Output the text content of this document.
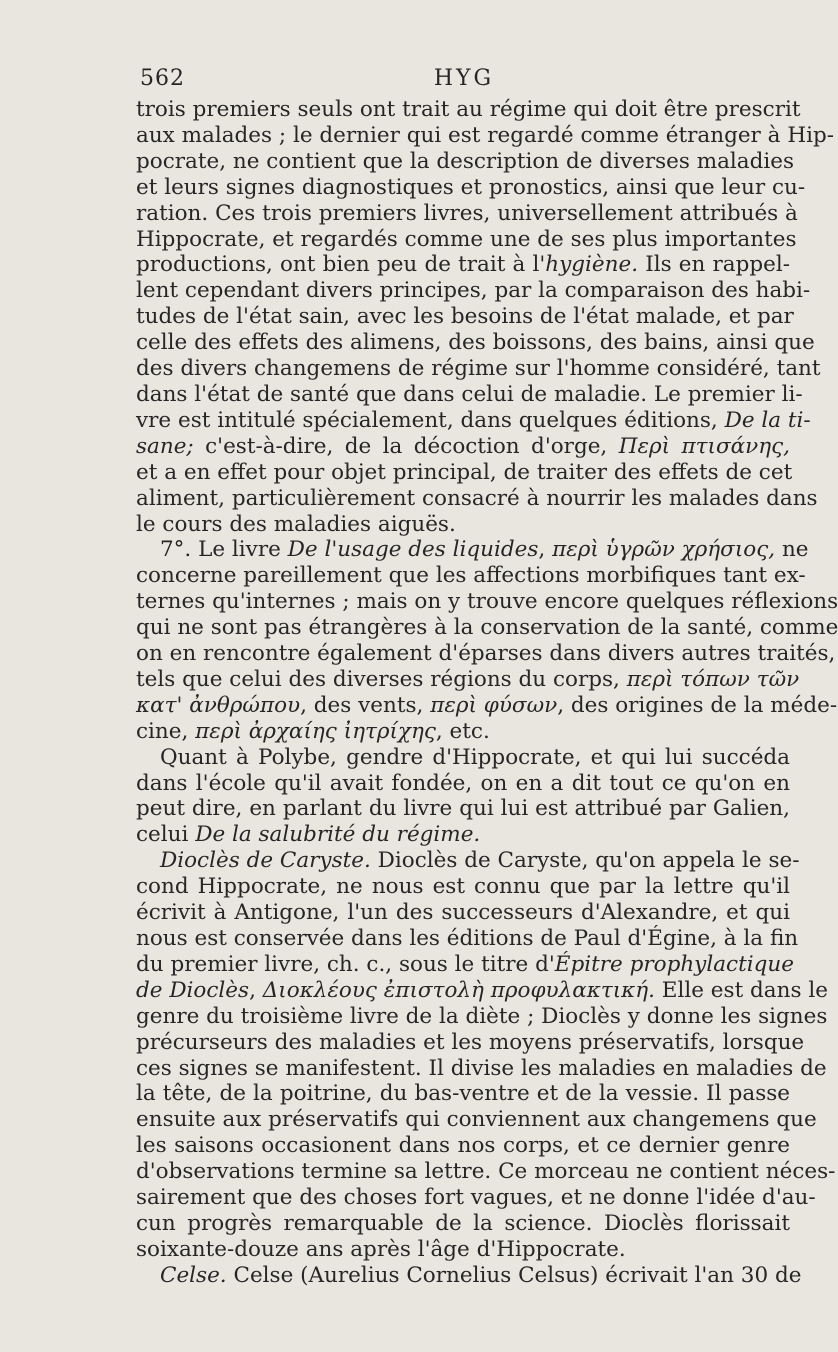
562	HYG
trois premiers seuls ont trait au régime qui doit être prescrit
aux malades ; le dernier qui est regardé comme étranger à Hip-
pocrate, ne contient que la description de diverses maladies
et leurs signes diagnostiques et pronostics, ainsi que leur cu-
ration. Ces trois premiers livres, universellement attribués à
Hippocrate, et regardés comme une de ses plus importantes
productions, ont bien peu de trait à l'hygiène. Ils en rappel-
lent cependant divers principes, par la comparaison des habi-
tudes de l'état sain, avec les besoins de l'état malade, et par
celle des effets des alimens, des boissons, des bains, ainsi que
des divers changemens de régime sur l'homme considéré, tant
dans l'état de santé que dans celui de maladie. Le premier li-
vre est intitulé spécialement, dans quelques éditions, De la ti-
sane; c'est-à-dire, de la décoction d'orge, Περὶ πτισάνης,
et a en effet pour objet principal, de traiter des effets de cet
aliment, particulièrement consacré à nourrir les malades dans
le cours des maladies aiguës.
7°. Le livre De l'usage des liquides, περὶ ὑγρῶν χρήσιος, ne
concerne pareillement que les affections morbifiques tant ex-
ternes qu'internes ; mais on y trouve encore quelques réflexions
qui ne sont pas étrangères à la conservation de la santé, comme
on en rencontre également d'éparses dans divers autres traités,
tels que celui des diverses régions du corps, περὶ τόπων τῶν
κατ' ἀνθρώπου, des vents, περὶ φύσων, des origines de la méde-
cine, περὶ ἀρχαίης ἰητρίχης, etc.
Quant à Polybe, gendre d'Hippocrate, et qui lui succéda
dans l'école qu'il avait fondée, on en a dit tout ce qu'on en
peut dire, en parlant du livre qui lui est attribué par Galien,
celui De la salubrité du régime.
Dioclès de Caryste. Dioclès de Caryste, qu'on appela le se-
cond Hippocrate, ne nous est connu que par la lettre qu'il
écrivit à Antigone, l'un des successeurs d'Alexandre, et qui
nous est conservée dans les éditions de Paul d'Égine, à la fin
du premier livre, ch. c., sous le titre d'Épitre prophylactique
de Dioclès, Διοκλέους ἐπιστολὴ προφυλακτική. Elle est dans le
genre du troisième livre de la diète ; Dioclès y donne les signes
précurseurs des maladies et les moyens préservatifs, lorsque
ces signes se manifestent. Il divise les maladies en maladies de
la tête, de la poitrine, du bas-ventre et de la vessie. Il passe
ensuite aux préservatifs qui conviennent aux changemens que
les saisons occasionent dans nos corps, et ce dernier genre
d'observations termine sa lettre. Ce morceau ne contient néces-
sairement que des choses fort vagues, et ne donne l'idée d'au-
cun progrès remarquable de la science. Dioclès florissait
soixante-douze ans après l'âge d'Hippocrate.
Celse. Celse (Aurelius Cornelius Celsus) écrivait l'an 30 de
